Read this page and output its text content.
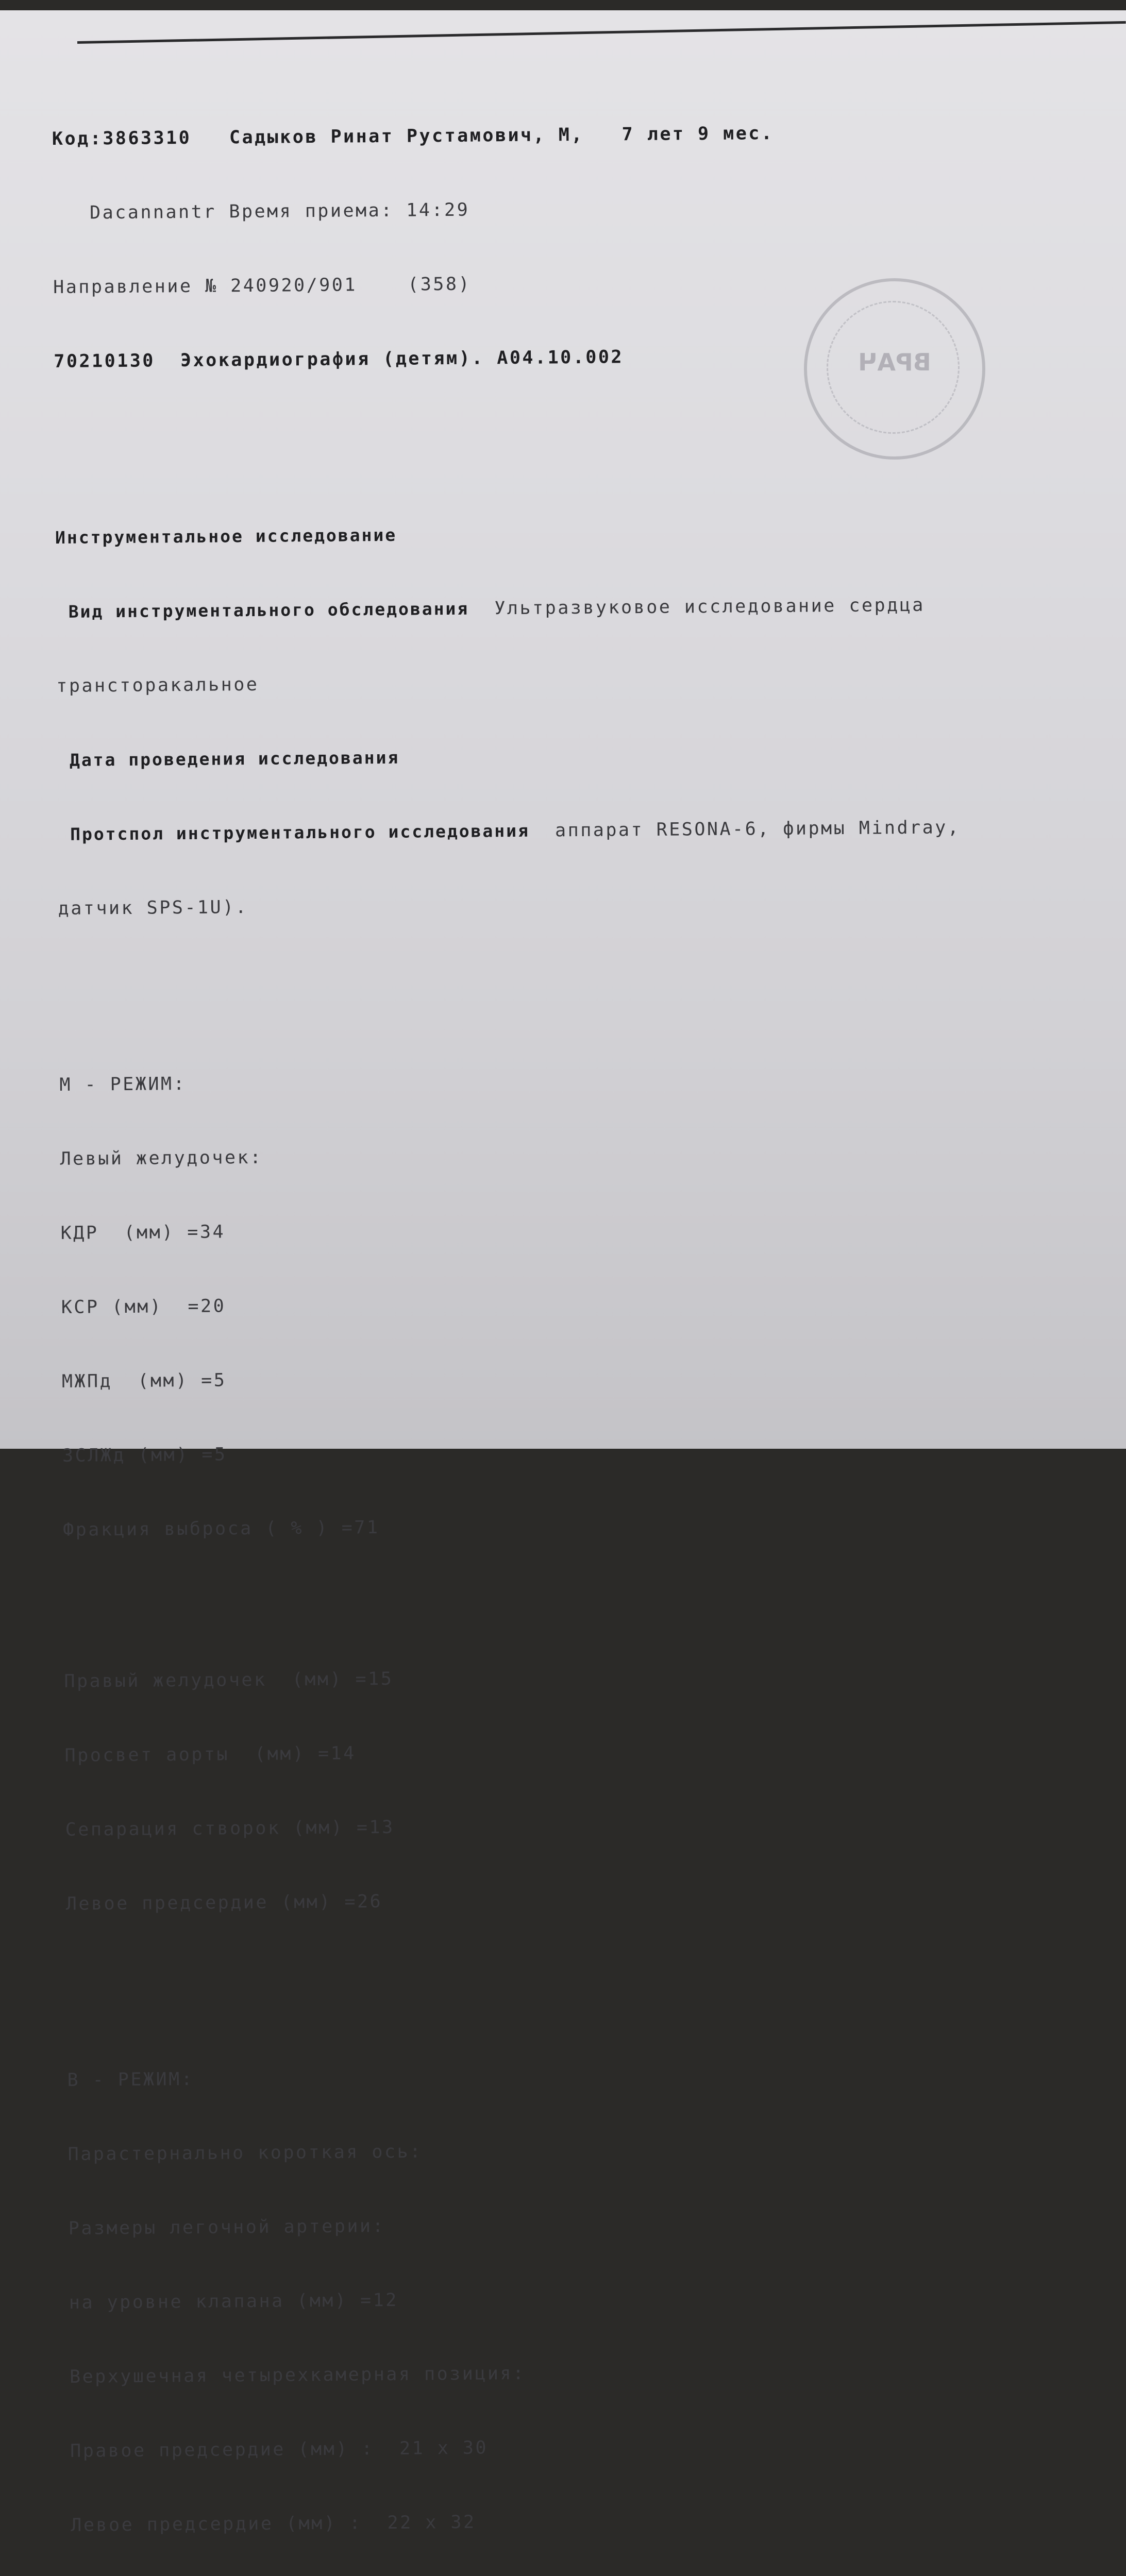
ВРАЧ

Код:3863310   Садыков Ринат Рустамович, М,   7 лет 9 мес.

Dacannantr Время приема: 14:29

Направление № 240920/901    (358)

70210130  Эхокардиография (детям). А04.10.002

Инструментальное исследование

Вид инструментального обследования Ультразвуковое исследование сердца

трансторакальное

Дата проведения исследования

Протспол инструментального исследования аппарат RESONA-6, фирмы Mindray,

датчик SPS-1U).

М - РЕЖИМ:

Левый желудочек:

КДР  (мм) =34

КСР (мм)  =20

МЖПд  (мм) =5

ЗСЛЖд (мм) =5

Фракция выброса ( % ) =71

Правый желудочек  (мм) =15

Просвет аорты  (мм) =14

Сепарация створок (мм) =13

Левое предсердие (мм) =26

В - РЕЖИМ:

Парастернально короткая ось:

Размеры легочной артерии:

на уровне клапана (мм) =12

Верхушечная четырехкамерная позиция:

Правое предсердие (мм) :  21 х 30

Левое предсердие (мм) :  22 х 32
